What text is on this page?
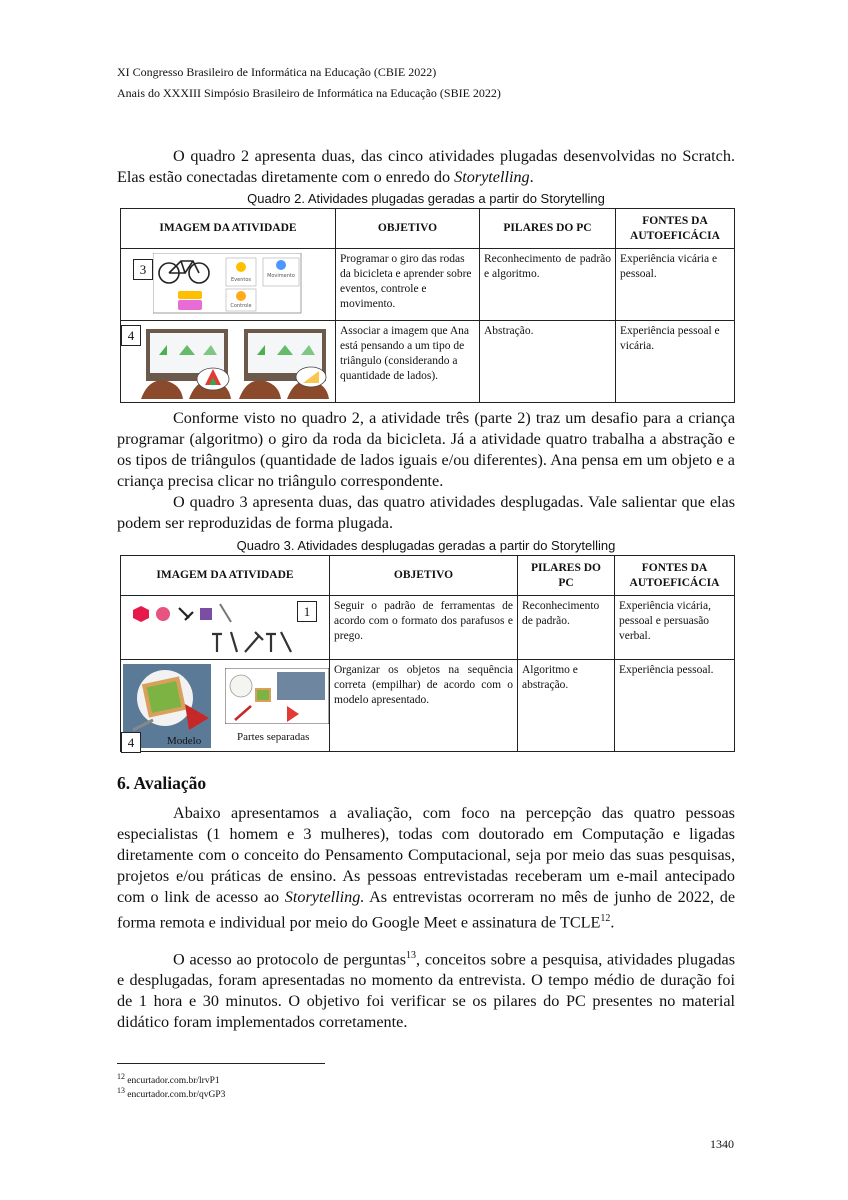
XI Congresso Brasileiro de Informática na Educação (CBIE 2022)
Anais do XXXIII Simpósio Brasileiro de Informática na Educação (SBIE 2022)
O quadro 2 apresenta duas, das cinco atividades plugadas desenvolvidas no Scratch. Elas estão conectadas diretamente com o enredo do Storytelling.
Quadro 2. Atividades plugadas geradas a partir do Storytelling
IMAGEM DA ATIVIDADE	OBJETIVO	PILARES DO PC	FONTES DA AUTOEFICÁCIA

3
Eventos
Movimento
Controle	Programar o giro das rodas da bicicleta e aprender sobre eventos, controle e movimento.	Reconhecimento de padrão e algoritmo.	Experiência vicária e pessoal.

4	Associar a imagem que Ana está pensando a um tipo de triângulo (considerando a quantidade de lados).	Abstração.	Experiência pessoal e vicária.
Conforme visto no quadro 2, a atividade três (parte 2) traz um desafio para a criança programar (algoritmo) o giro da roda da bicicleta. Já a atividade quatro trabalha a abstração e os tipos de triângulos (quantidade de lados iguais e/ou diferentes). Ana pensa em um objeto e a criança precisa clicar no triângulo correspondente.
O quadro 3 apresenta duas, das quatro atividades desplugadas. Vale salientar que elas podem ser reproduzidas de forma plugada.
Quadro 3. Atividades desplugadas geradas a partir do Storytelling
IMAGEM DA ATIVIDADE	OBJETIVO	PILARES DO PC	FONTES DA AUTOEFICÁCIA

1	Seguir o padrão de ferramentas de acordo com o formato dos parafusos e prego.	Reconhecimento de padrão.	Experiência vicária, pessoal e persuasão verbal.

4 Modelo Partes separadas	Organizar os objetos na sequência correta (empilhar) de acordo com o modelo apresentado.	Algoritmo e abstração.	Experiência pessoal.
6. Avaliação
Abaixo apresentamos a avaliação, com foco na percepção das quatro pessoas especialistas (1 homem e 3 mulheres), todas com doutorado em Computação e ligadas diretamente com o conceito do Pensamento Computacional, seja por meio das suas pesquisas, projetos e/ou práticas de ensino. As pessoas entrevistadas receberam um e-mail antecipado com o link de acesso ao Storytelling. As entrevistas ocorreram no mês de junho de 2022, de forma remota e individual por meio do Google Meet e assinatura de TCLE$^{12}$.
O acesso ao protocolo de perguntas$^{13}$, conceitos sobre a pesquisa, atividades plugadas e desplugadas, foram apresentadas no momento da entrevista. O tempo médio de duração foi de 1 hora e 30 minutos. O objetivo foi verificar se os pilares do PC presentes no material didático foram implementados corretamente.
$^{12}$ encurtador.com.br/lrvP1
$^{13}$ encurtador.com.br/qvGP3
1340
